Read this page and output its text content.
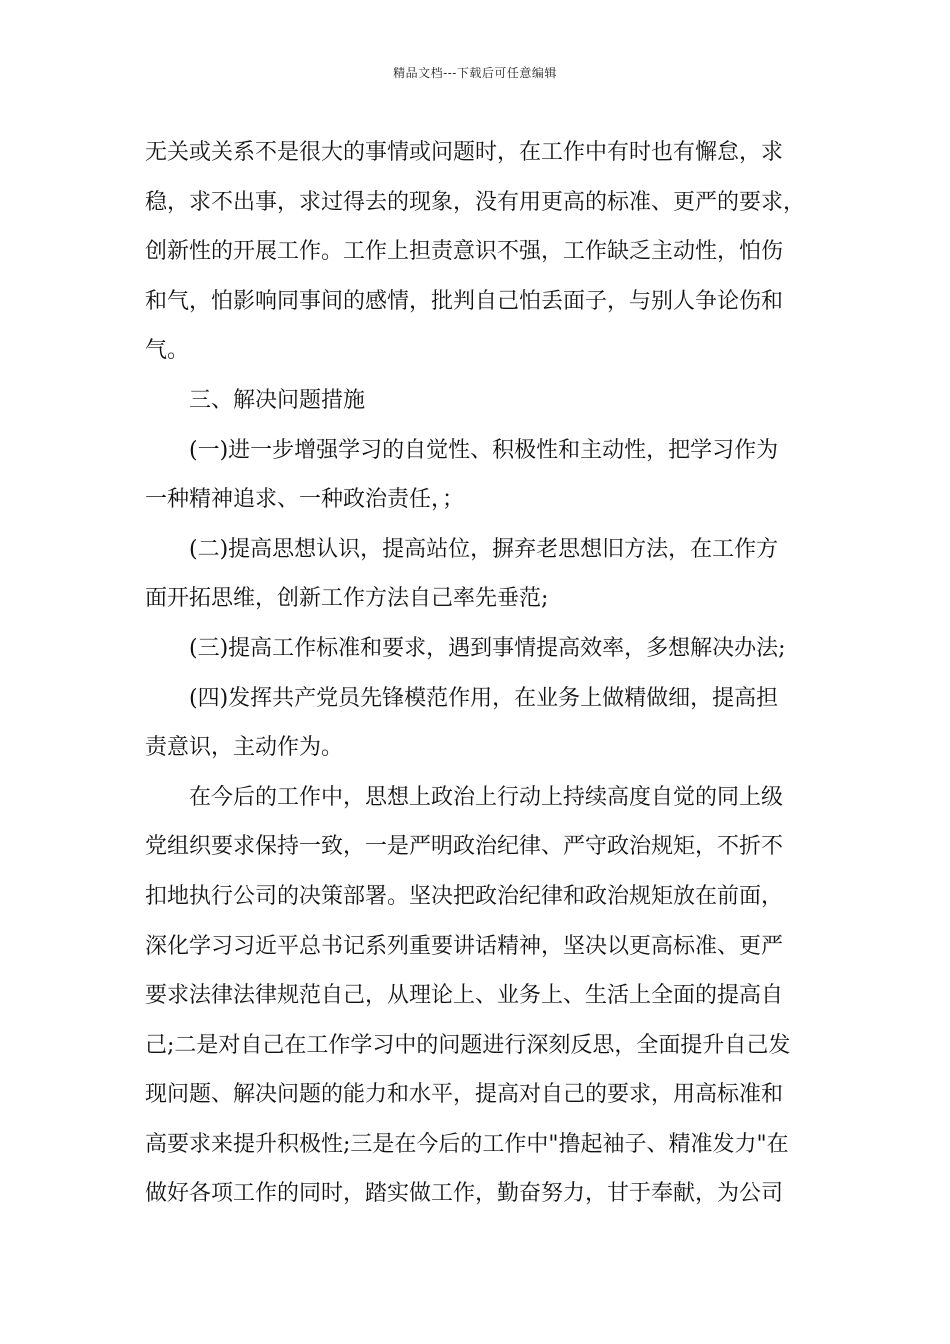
精品文档---下载后可任意编辑
无关或关系不是很大的事情或问题时，在工作中有时也有懈怠，求
稳，求不出事，求过得去的现象，没有用更高的标准、更严的要求，
创新性的开展工作。工作上担责意识不强，工作缺乏主动性，怕伤
和气，怕影响同事间的感情，批判自己怕丢面子，与别人争论伤和
气。
三、解决问题措施
(一)进一步增强学习的自觉性、积极性和主动性，把学习作为
一种精神追求、一种政治责任，；
(二)提高思想认识，提高站位，摒弃老思想旧方法，在工作方
面开拓思维，创新工作方法自己率先垂范;
(三)提高工作标准和要求，遇到事情提高效率，多想解决办法;
(四)发挥共产党员先锋模范作用，在业务上做精做细，提高担
责意识，主动作为。
在今后的工作中，思想上政治上行动上持续高度自觉的同上级
党组织要求保持一致，一是严明政治纪律、严守政治规矩，不折不
扣地执行公司的决策部署。坚决把政治纪律和政治规矩放在前面，
深化学习习近平总书记系列重要讲话精神，坚决以更高标准、更严
要求法律法律规范自己，从理论上、业务上、生活上全面的提高自
己;二是对自己在工作学习中的问题进行深刻反思，全面提升自己发
现问题、解决问题的能力和水平，提高对自己的要求，用高标准和
高要求来提升积极性;三是在今后的工作中"撸起袖子、精准发力"在
做好各项工作的同时，踏实做工作，勤奋努力，甘于奉献，为公司
